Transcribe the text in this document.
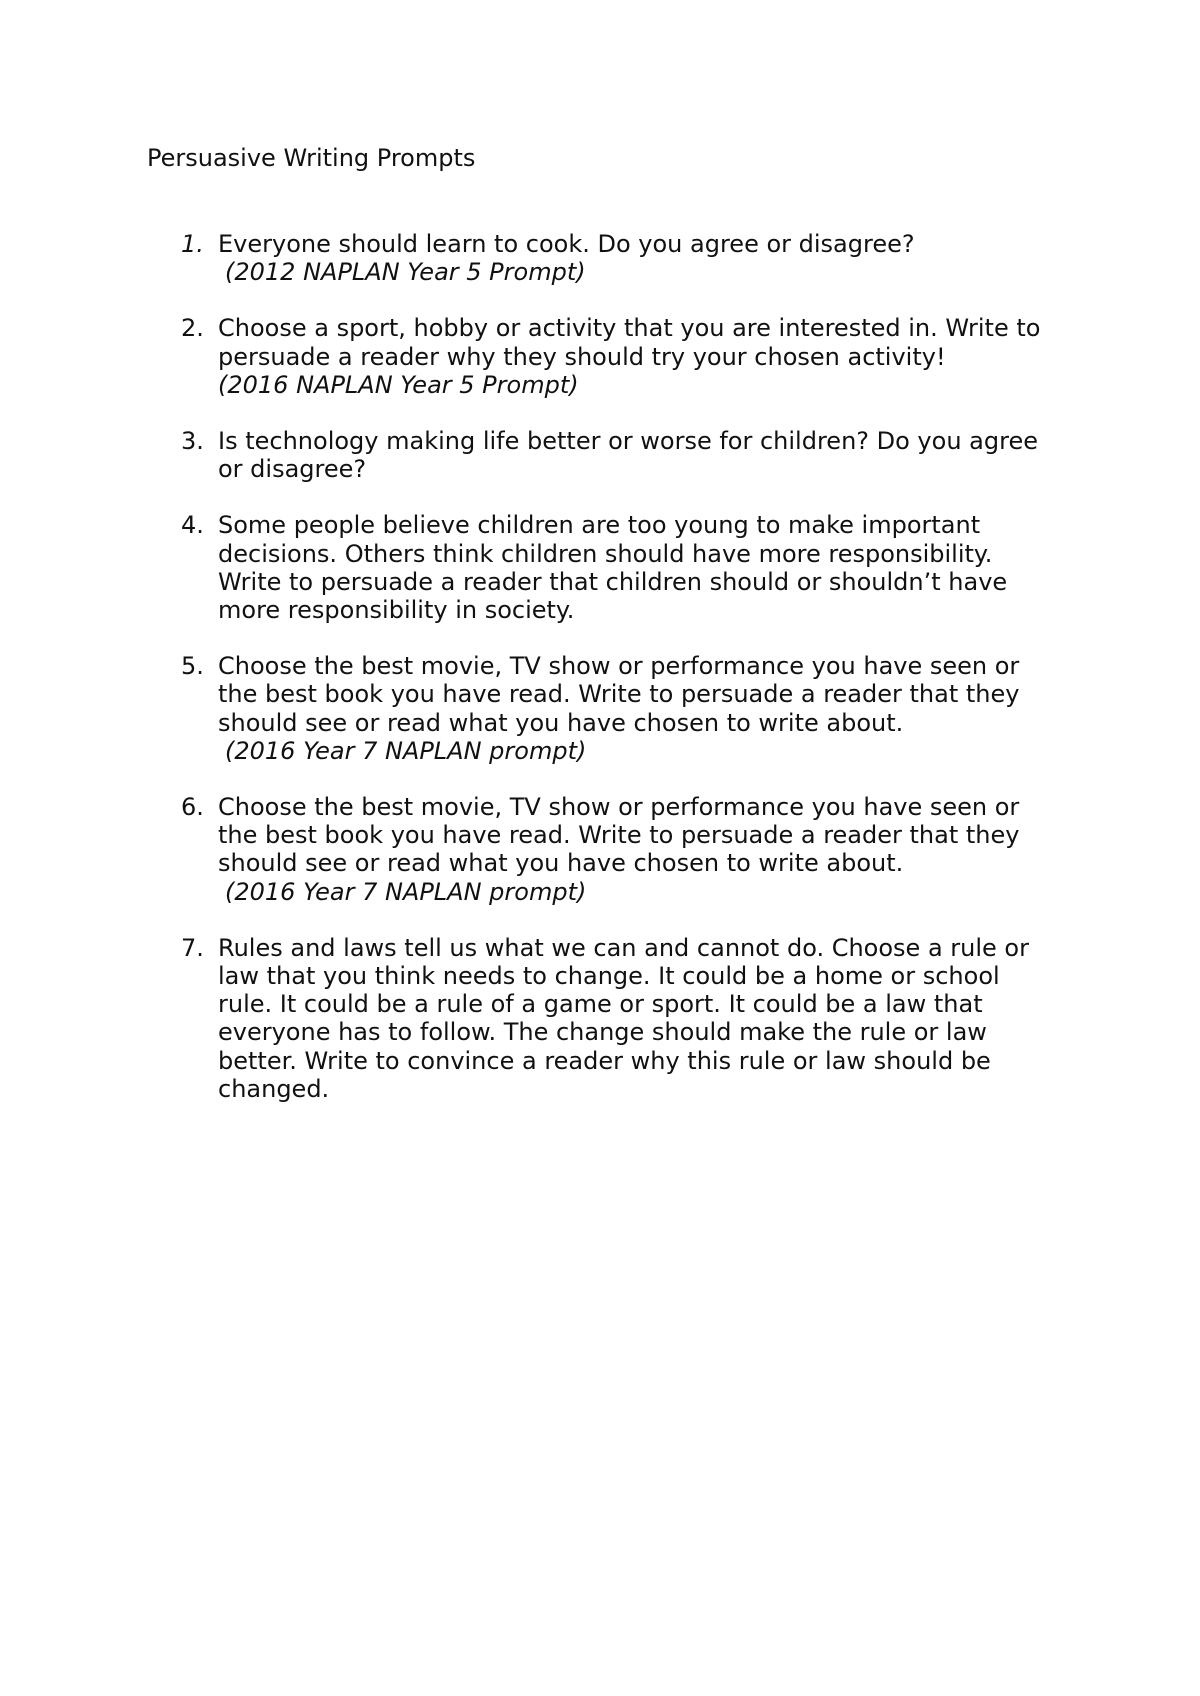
Persuasive Writing Prompts
1. Everyone should learn to cook. Do you agree or disagree?
(2012 NAPLAN Year 5 Prompt)
2. Choose a sport, hobby or activity that you are interested in. Write to
persuade a reader why they should try your chosen activity!
(2016 NAPLAN Year 5 Prompt)
3. Is technology making life better or worse for children? Do you agree
or disagree?
4. Some people believe children are too young to make important
decisions. Others think children should have more responsibility.
Write to persuade a reader that children should or shouldn’t have
more responsibility in society.
5. Choose the best movie, TV show or performance you have seen or
the best book you have read. Write to persuade a reader that they
should see or read what you have chosen to write about.
(2016 Year 7 NAPLAN prompt)
6. Choose the best movie, TV show or performance you have seen or
the best book you have read. Write to persuade a reader that they
should see or read what you have chosen to write about.
(2016 Year 7 NAPLAN prompt)
7. Rules and laws tell us what we can and cannot do. Choose a rule or
law that you think needs to change. It could be a home or school
rule. It could be a rule of a game or sport. It could be a law that
everyone has to follow. The change should make the rule or law
better. Write to convince a reader why this rule or law should be
changed.
